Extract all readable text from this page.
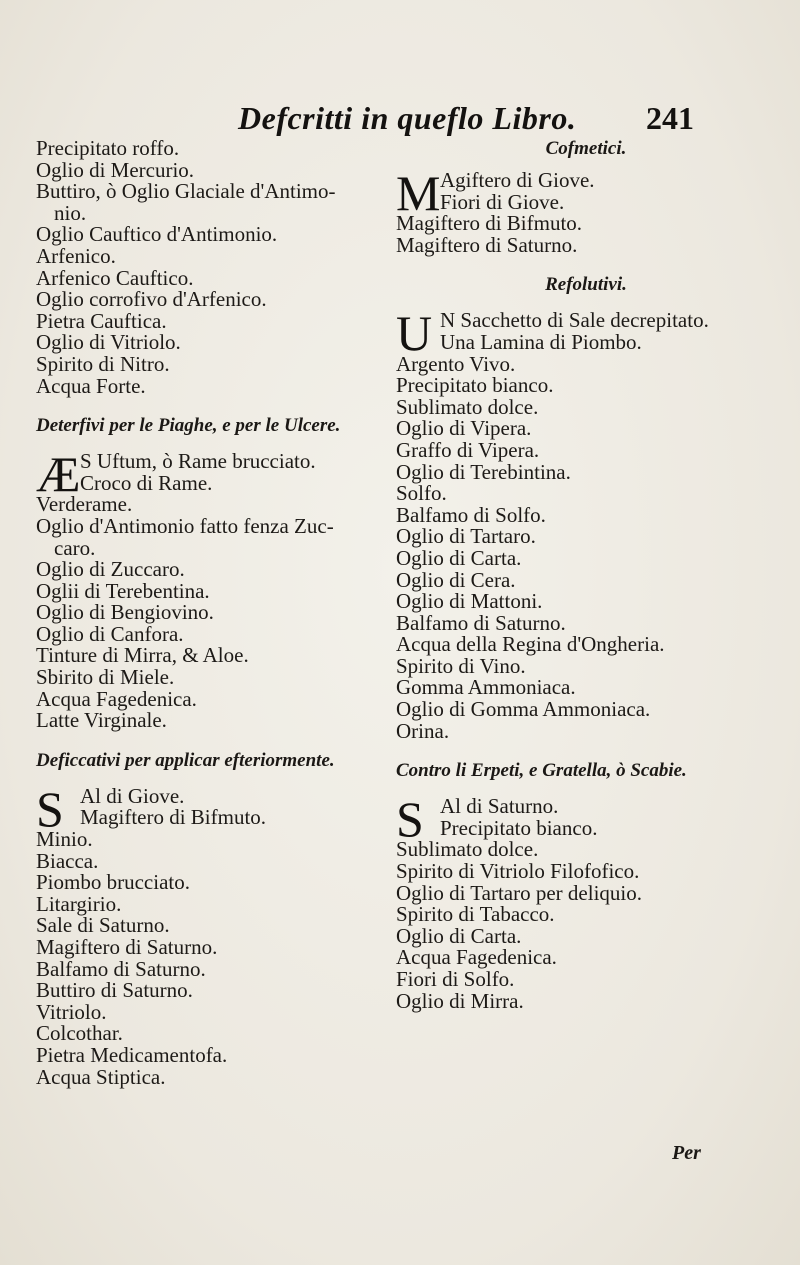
Defcritti in queflo Libro. 241
Precipitato roffo.
Oglio di Mercurio.
Buttiro, ò Oglio Glaciale d'Antimo-
nio.
Oglio Cauftico d'Antimonio.
Arfenico.
Arfenico Cauftico.
Oglio corrofivo d'Arfenico.
Pietra Cauftica.
Oglio di Vitriolo.
Spirito di Nitro.
Acqua Forte.
Deterfivi per le Piaghe, e per le Ulcere.
Æ S Uftum, ò Rame brucciato.
Croco di Rame.
Verderame.
Oglio d'Antimonio fatto fenza Zuc-
caro.
Oglio di Zuccaro.
Oglii di Terebentina.
Oglio di Bengiovino.
Oglio di Canfora.
Tinture di Mirra, & Aloe.
Sbirito di Miele.
Acqua Fagedenica.
Latte Virginale.
Deficcativi per applicar efteriormente.
S Al di Giove.
Magiftero di Bifmuto.
Minio.
Biacca.
Piombo brucciato.
Litargirio.
Sale di Saturno.
Magiftero di Saturno.
Balfamo di Saturno.
Buttiro di Saturno.
Vitriolo.
Colcothar.
Pietra Medicamentofa.
Acqua Stiptica.
Cofmetici.
M Agiftero di Giove.
Fiori di Giove.
Magiftero di Bifmuto.
Magiftero di Saturno.
Refolutivi.
U N Sacchetto di Sale decrepitato.
Una Lamina di Piombo.
Argento Vivo.
Precipitato bianco.
Sublimato dolce.
Oglio di Vipera.
Graffo di Vipera.
Oglio di Terebintina.
Solfo.
Balfamo di Solfo.
Oglio di Tartaro.
Oglio di Carta.
Oglio di Cera.
Oglio di Mattoni.
Balfamo di Saturno.
Acqua della Regina d'Ongheria.
Spirito di Vino.
Gomma Ammoniaca.
Oglio di Gomma Ammoniaca.
Orina.
Contro li Erpeti, e Gratella, ò Scabie.
S Al di Saturno.
Precipitato bianco.
Sublimato dolce.
Spirito di Vitriolo Filofofico.
Oglio di Tartaro per deliquio.
Spirito di Tabacco.
Oglio di Carta.
Acqua Fagedenica.
Fiori di Solfo.
Oglio di Mirra.
Per
